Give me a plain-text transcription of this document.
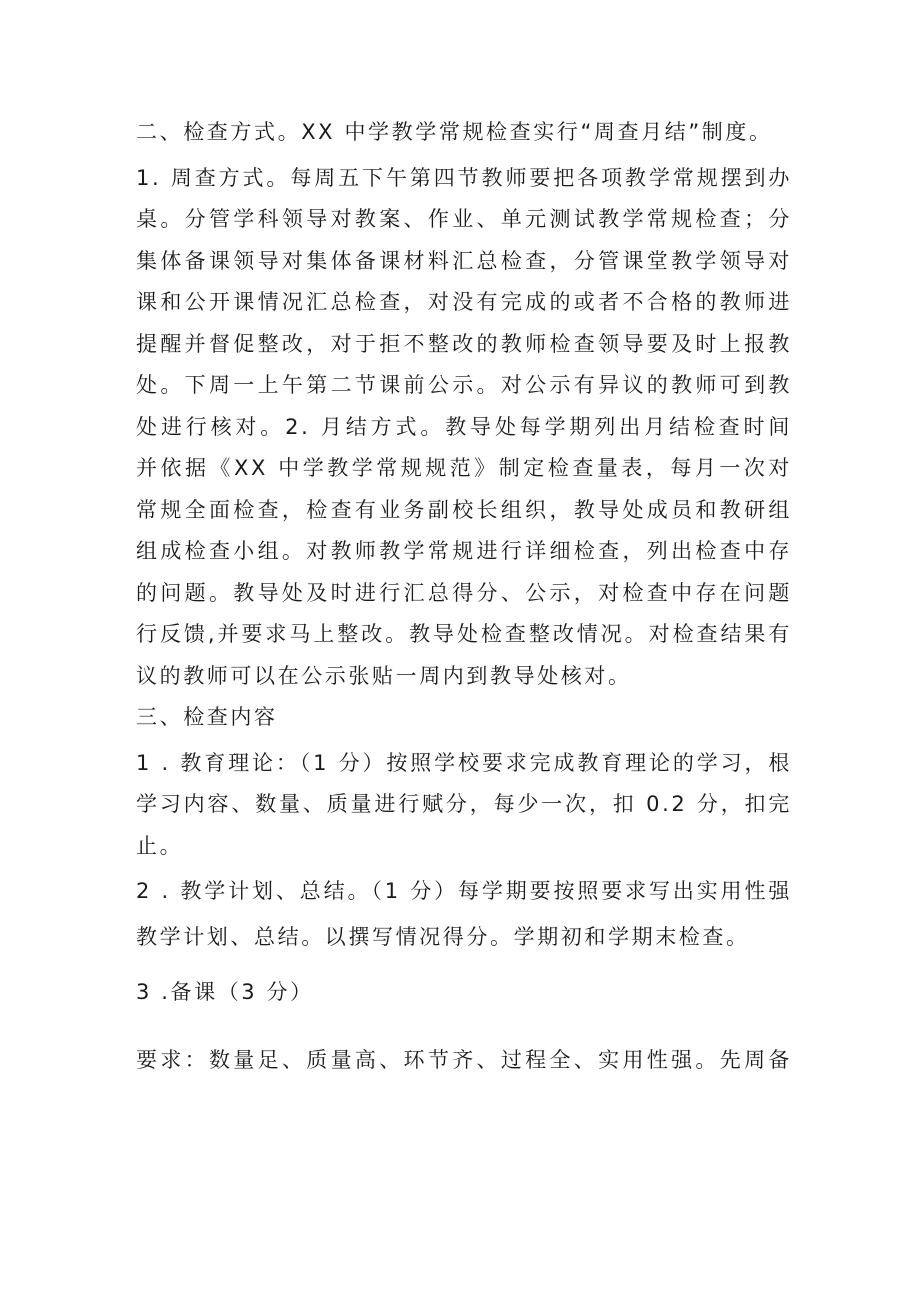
二、检查方式。XX 中学教学常规检查实行“周查月结”制度。
1. 周查方式。每周五下午第四节教师要把各项教学常规摆到办
桌。分管学科领导对教案、作业、单元测试教学常规检查；分
集体备课领导对集体备课材料汇总检查，分管课堂教学领导对
课和公开课情况汇总检查，对没有完成的或者不合格的教师进
提醒并督促整改，对于拒不整改的教师检查领导要及时上报教
处。下周一上午第二节课前公示。对公示有异议的教师可到教
处进行核对。2. 月结方式。教导处每学期列出月结检查时间
并依据《XX 中学教学常规规范》制定检查量表，每月一次对
常规全面检查，检查有业务副校长组织，教导处成员和教研组
组成检查小组。对教师教学常规进行详细检查，列出检查中存
的问题。教导处及时进行汇总得分、公示，对检查中存在问题
行反馈,并要求马上整改。教导处检查整改情况。对检查结果有
议的教师可以在公示张贴一周内到教导处核对。
三、检查内容
1 . 教育理论：（1 分）按照学校要求完成教育理论的学习，根
学习内容、数量、质量进行赋分，每少一次，扣 0.2 分，扣完
止。
2 . 教学计划、总结。（1 分）每学期要按照要求写出实用性强
教学计划、总结。以撰写情况得分。学期初和学期末检查。
3 .备课（3 分）
要求：数量足、质量高、环节齐、过程全、实用性强。先周备
